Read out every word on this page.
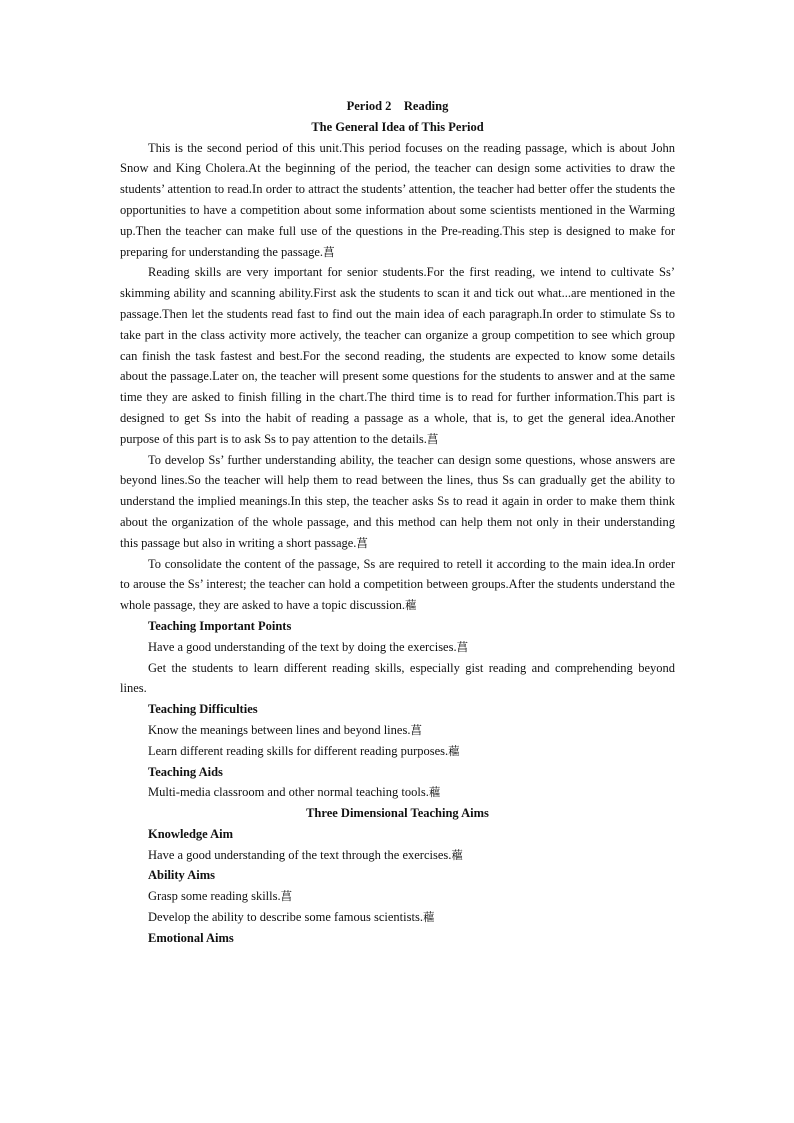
Period 2    Reading

The General Idea of This Period

This is the second period of this unit.This period focuses on the reading passage, which is about John Snow and King Cholera.At the beginning of the period, the teacher can design some activities to draw the students’ attention to read.In order to attract the students’ attention, the teacher had better offer the students the opportunities to have a competition about some information about some scientists mentioned in the Warming up.Then the teacher can make full use of the questions in the Pre-reading.This step is designed to make for preparing for understanding the passage.菖

Reading skills are very important for senior students.For the first reading, we intend to cultivate Ss’ skimming ability and scanning ability.First ask the students to scan it and tick out what...are mentioned in the passage.Then let the students read fast to find out the main idea of each paragraph.In order to stimulate Ss to take part in the class activity more actively, the teacher can organize a group competition to see which group can finish the task fastest and best.For the second reading, the students are expected to know some details about the passage.Later on, the teacher will present some questions for the students to answer and at the same time they are asked to finish filling in the chart.The third time is to read for further information.This part is designed to get Ss into the habit of reading a passage as a whole, that is, to get the general idea.Another purpose of this part is to ask Ss to pay attention to the details.菖

To develop Ss’ further understanding ability, the teacher can design some questions, whose answers are beyond lines.So the teacher will help them to read between the lines, thus Ss can gradually get the ability to understand the implied meanings.In this step, the teacher asks Ss to read it again in order to make them think about the organization of the whole passage, and this method can help them not only in their understanding this passage but also in writing a short passage.菖

To consolidate the content of the passage, Ss are required to retell it according to the main idea.In order to arouse the Ss’ interest; the teacher can hold a competition between groups.After the students understand the whole passage, they are asked to have a topic discussion.藲

Teaching Important Points

Have a good understanding of the text by doing the exercises.菖

Get the students to learn different reading skills, especially gist reading and comprehending beyond lines.

Teaching Difficulties

Know the meanings between lines and beyond lines.菖

Learn different reading skills for different reading purposes.藲

Teaching Aids

Multi-media classroom and other normal teaching tools.藲

Three Dimensional Teaching Aims

Knowledge Aim

Have a good understanding of the text through the exercises.藲

Ability Aims

Grasp some reading skills.菖

Develop the ability to describe some famous scientists.藲

Emotional Aims
